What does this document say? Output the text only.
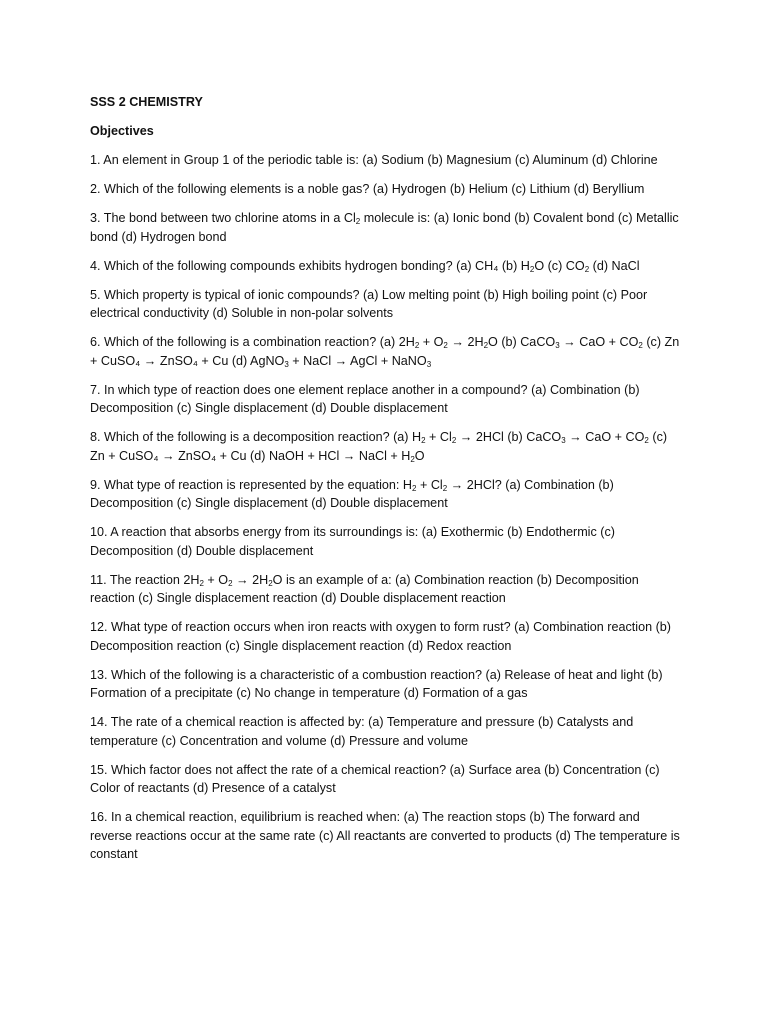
SSS 2 CHEMISTRY
Objectives

1. An element in Group 1 of the periodic table is: (a) Sodium (b) Magnesium (c) Aluminum (d) Chlorine

2. Which of the following elements is a noble gas? (a) Hydrogen (b) Helium (c) Lithium (d) Beryllium

3. The bond between two chlorine atoms in a $Cl_2$ molecule is: (a) Ionic bond (b) Covalent bond (c) Metallic bond (d) Hydrogen bond

4. Which of the following compounds exhibits hydrogen bonding? (a) CH₄ (b) $H_2O$ (c) $CO_2$ (d) NaCl

5. Which property is typical of ionic compounds? (a) Low melting point (b) High boiling point (c) Poor electrical conductivity (d) Soluble in non-polar solvents

6. Which of the following is a combination reaction? (a) $2H_2 + O_2 \to 2H_2O$ (b) CaCO$_3$ → CaO + $CO_2$ (c) Zn + CuSO₄ → ZnSO₄ + Cu (d) AgNO$_3$ + NaCl → AgCl + NaNO$_3$

7. In which type of reaction does one element replace another in a compound? (a) Combination (b) Decomposition (c) Single displacement (d) Double displacement

8. Which of the following is a decomposition reaction? (a) $H_2 + Cl_2 \to 2HCl$ (b) CaCO$_3$ → CaO + $CO_2$ (c) Zn + CuSO₄ → ZnSO₄ + Cu (d) NaOH + HCl → NaCl + $H_2O$

9. What type of reaction is represented by the equation: $H_2 + Cl_2 \to 2HCl$? (a) Combination (b) Decomposition (c) Single displacement (d) Double displacement

10. A reaction that absorbs energy from its surroundings is: (a) Exothermic (b) Endothermic (c) Decomposition (d) Double displacement

11. The reaction $2H_2 + O_2 \to 2H_2O$ is an example of a: (a) Combination reaction (b) Decomposition reaction (c) Single displacement reaction (d) Double displacement reaction

12. What type of reaction occurs when iron reacts with oxygen to form rust? (a) Combination reaction (b) Decomposition reaction (c) Single displacement reaction (d) Redox reaction

13. Which of the following is a characteristic of a combustion reaction? (a) Release of heat and light (b) Formation of a precipitate (c) No change in temperature (d) Formation of a gas

14. The rate of a chemical reaction is affected by: (a) Temperature and pressure (b) Catalysts and temperature (c) Concentration and volume (d) Pressure and volume

15. Which factor does not affect the rate of a chemical reaction? (a) Surface area (b) Concentration (c) Color of reactants (d) Presence of a catalyst

16. In a chemical reaction, equilibrium is reached when: (a) The reaction stops (b) The forward and reverse reactions occur at the same rate (c) All reactants are converted to products (d) The temperature is constant
